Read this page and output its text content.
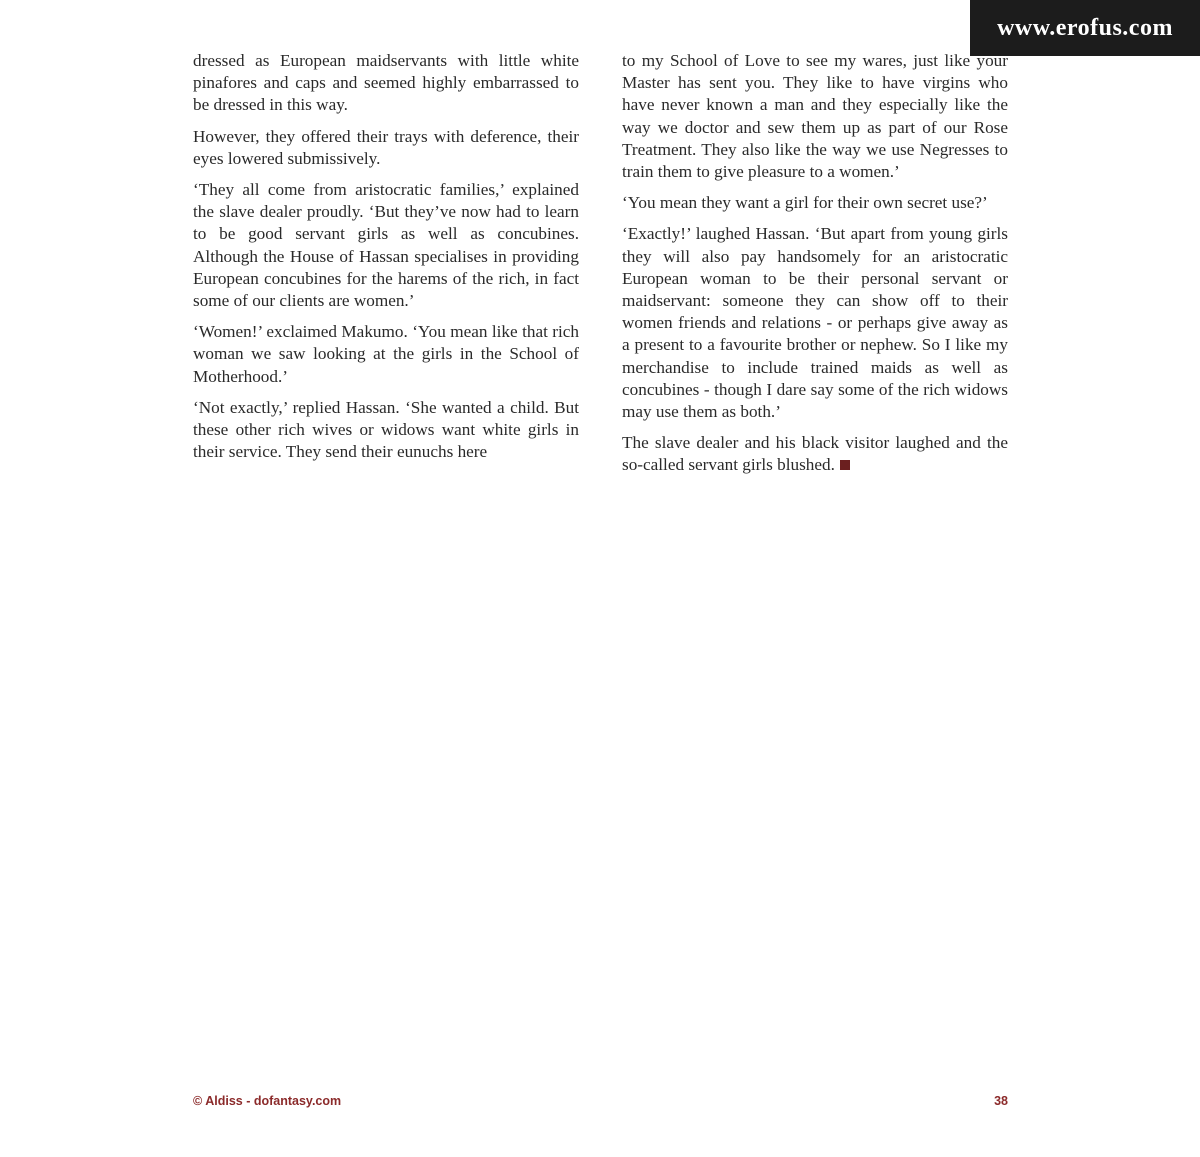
www.erofus.com

dressed as European maidservants with little white pinafores and caps and seemed highly embarrassed to be dressed in this way.

However, they offered their trays with deference, their eyes lowered submissively.

‘They all come from aristocratic families,’ explained the slave dealer proudly. ‘But they’ve now had to learn to be good servant girls as well as concubines. Although the House of Hassan specialises in providing European concubines for the harems of the rich, in fact some of our clients are women.’

‘Women!’ exclaimed Makumo. ‘You mean like that rich woman we saw looking at the girls in the School of Motherhood.’

‘Not exactly,’ replied Hassan. ‘She wanted a child. But these other rich wives or widows want white girls in their service. They send their eunuchs here

to my School of Love to see my wares, just like your Master has sent you. They like to have virgins who have never known a man and they especially like the way we doctor and sew them up as part of our Rose Treatment. They also like the way we use Negresses to train them to give pleasure to a women.’

‘You mean they want a girl for their own secret use?’

‘Exactly!’ laughed Hassan. ‘But apart from young girls they will also pay handsomely for an aristocratic European woman to be their personal servant or maidservant: someone they can show off to their women friends and relations - or perhaps give away as a present to a favourite brother or nephew. So I like my merchandise to include trained maids as well as concubines - though I dare say some of the rich widows may use them as both.’

The slave dealer and his black visitor laughed and the so-called servant girls blushed.

© Aldiss - dofantasy.com	38
